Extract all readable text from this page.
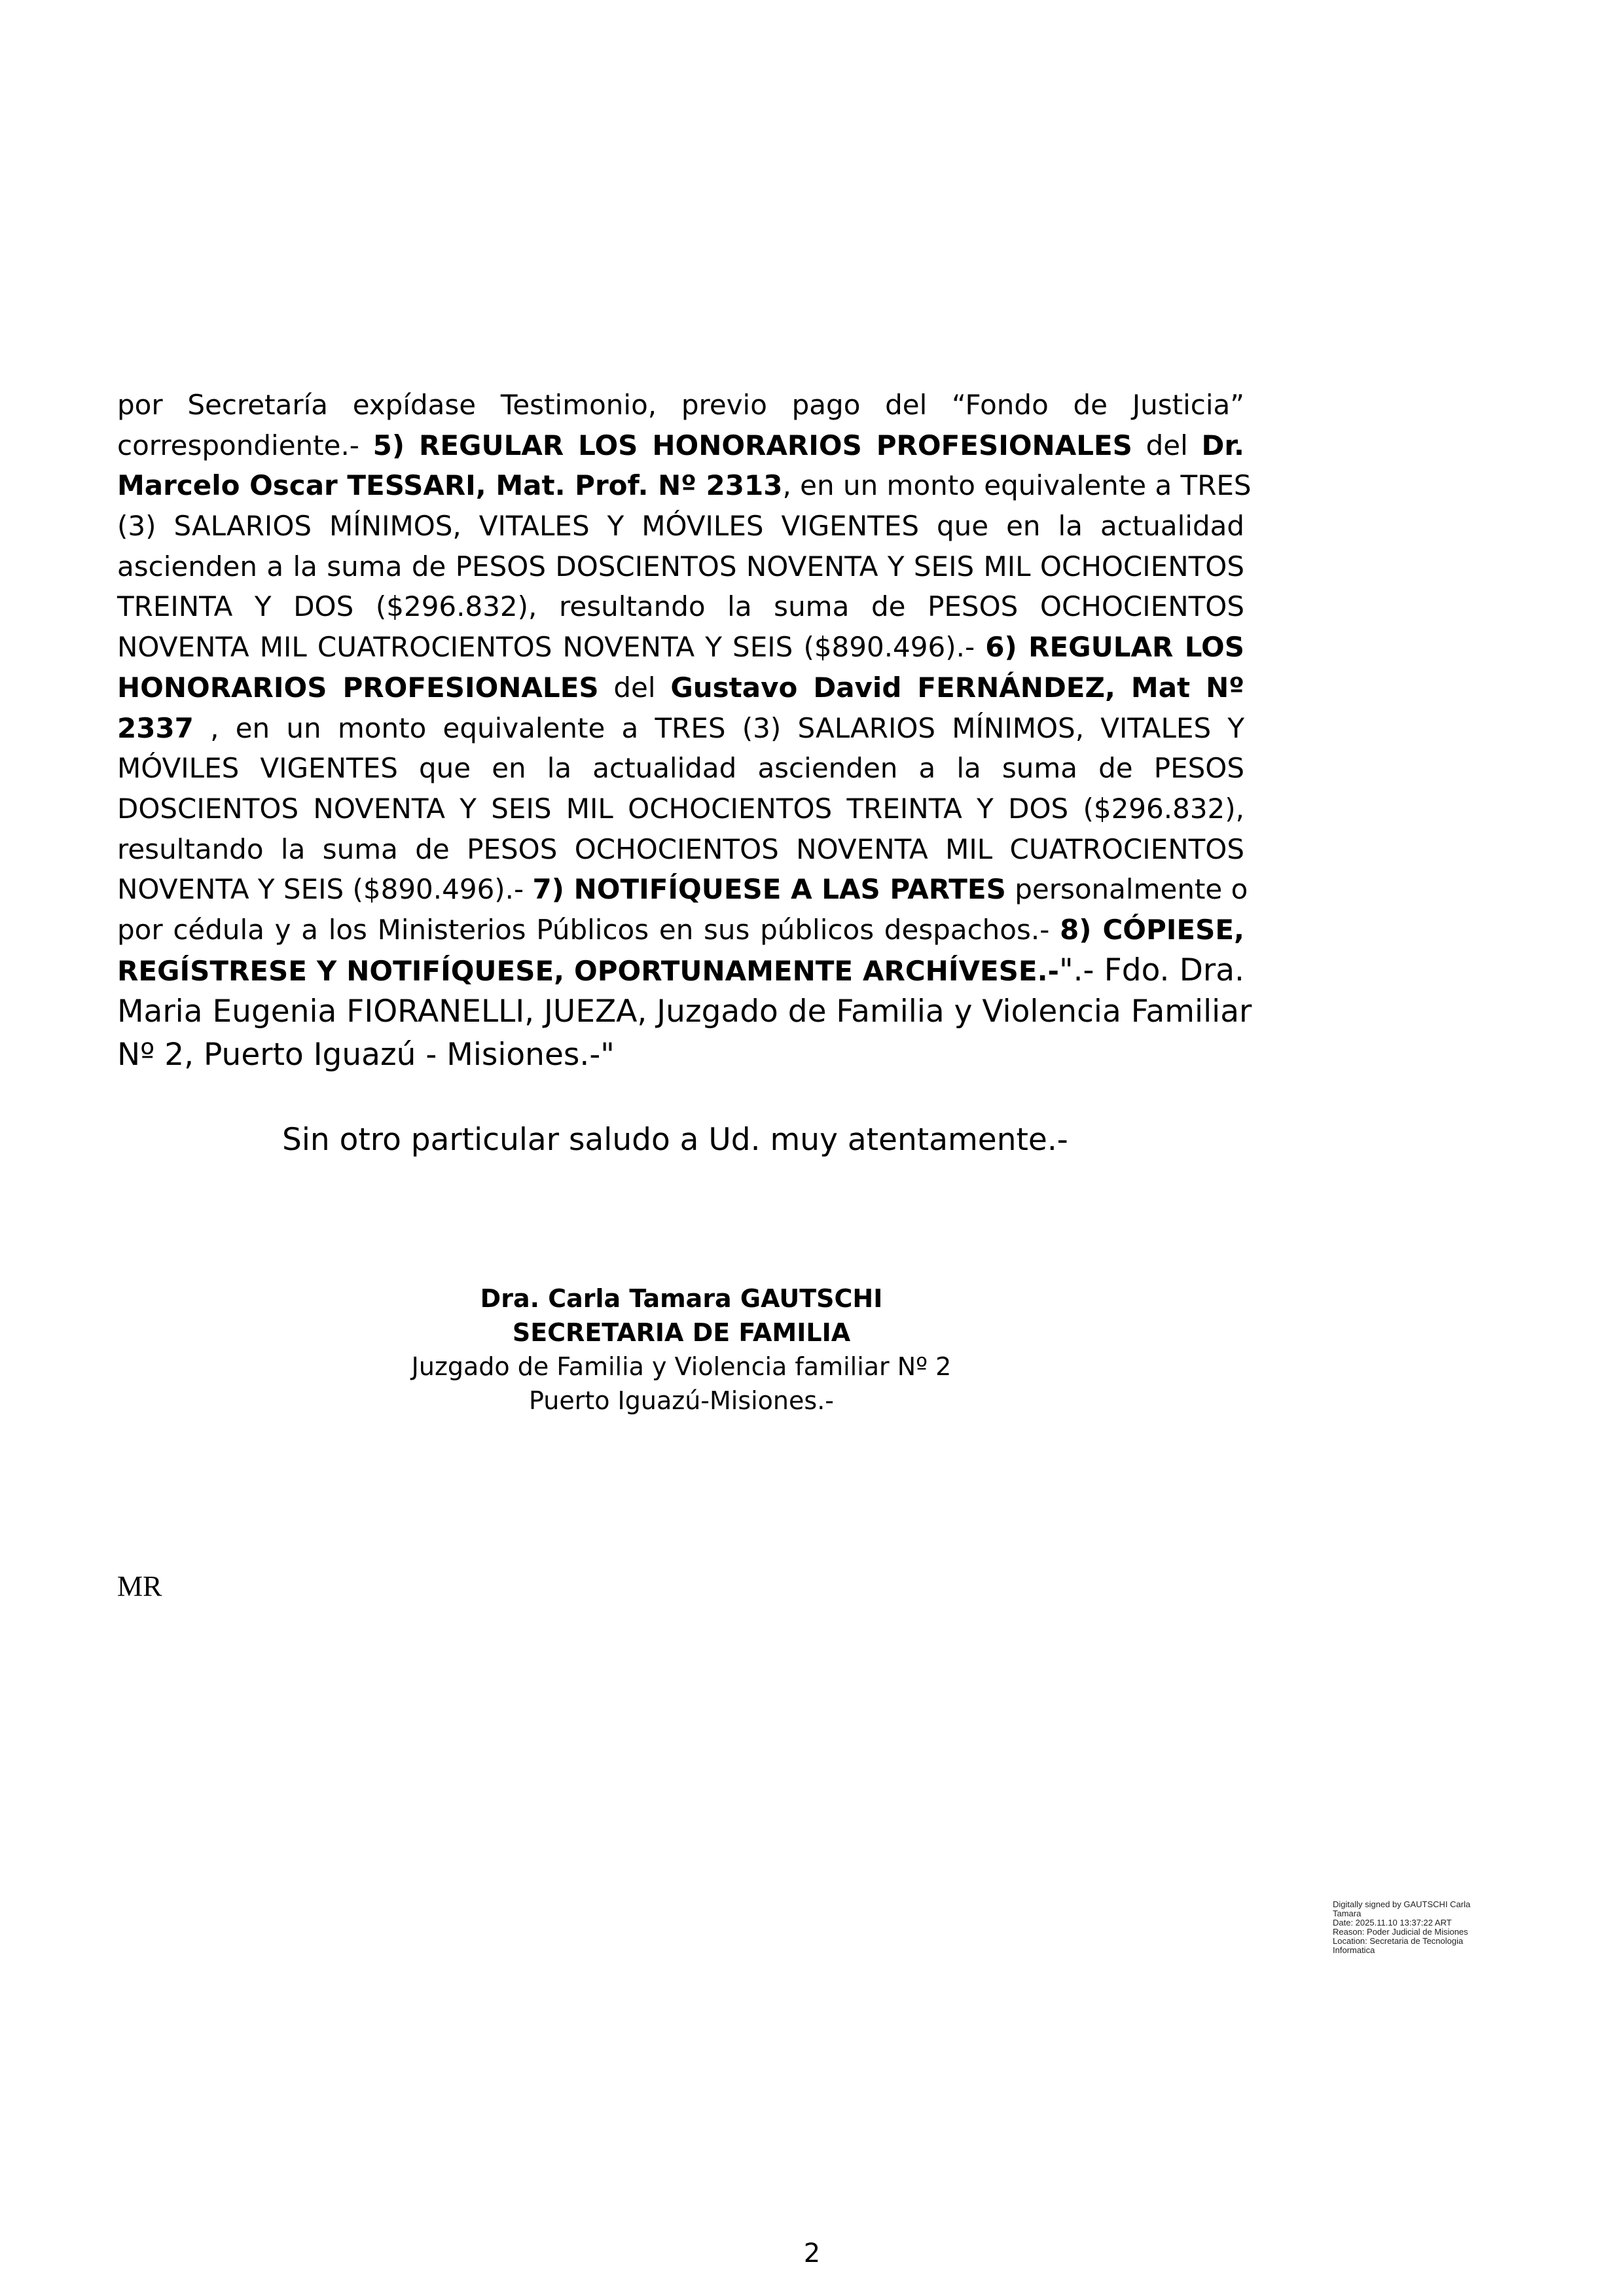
por Secretaría expídase Testimonio, previo pago del “Fondo de Justicia”
correspondiente.- 5) REGULAR LOS HONORARIOS PROFESIONALES del Dr.
Marcelo Oscar TESSARI, Mat. Prof. Nº 2313, en un monto equivalente a TRES
(3) SALARIOS MÍNIMOS, VITALES Y MÓVILES VIGENTES que en la actualidad
ascienden a la suma de PESOS DOSCIENTOS NOVENTA Y SEIS MIL OCHOCIENTOS
TREINTA Y DOS ($296.832), resultando la suma de PESOS OCHOCIENTOS
NOVENTA MIL CUATROCIENTOS NOVENTA Y SEIS ($890.496).- 6) REGULAR LOS
HONORARIOS PROFESIONALES del Gustavo David FERNÁNDEZ, Mat Nº
2337 , en un monto equivalente a TRES (3) SALARIOS MÍNIMOS, VITALES Y
MÓVILES VIGENTES que en la actualidad ascienden a la suma de PESOS
DOSCIENTOS NOVENTA Y SEIS MIL OCHOCIENTOS TREINTA Y DOS ($296.832),
resultando la suma de PESOS OCHOCIENTOS NOVENTA MIL CUATROCIENTOS
NOVENTA Y SEIS ($890.496).- 7) NOTIFÍQUESE A LAS PARTES personalmente o
por cédula y a los Ministerios Públicos en sus públicos despachos.- 8) CÓPIESE,
REGÍSTRESE Y NOTIFÍQUESE, OPORTUNAMENTE ARCHÍVESE.-".- Fdo. Dra.
Maria Eugenia FIORANELLI, JUEZA, Juzgado de Familia y Violencia Familiar
Nº 2, Puerto Iguazú - Misiones.-"
Sin otro particular saludo a Ud. muy atentamente.-
Dra. Carla Tamara GAUTSCHI
SECRETARIA DE FAMILIA
Juzgado de Familia y Violencia familiar Nº 2
Puerto Iguazú-Misiones.-
MR
Digitally signed by GAUTSCHI Carla
Tamara
Date: 2025.11.10 13:37:22 ART
Reason: Poder Judicial de Misiones
Location: Secretaria de Tecnologia
Informatica
2
